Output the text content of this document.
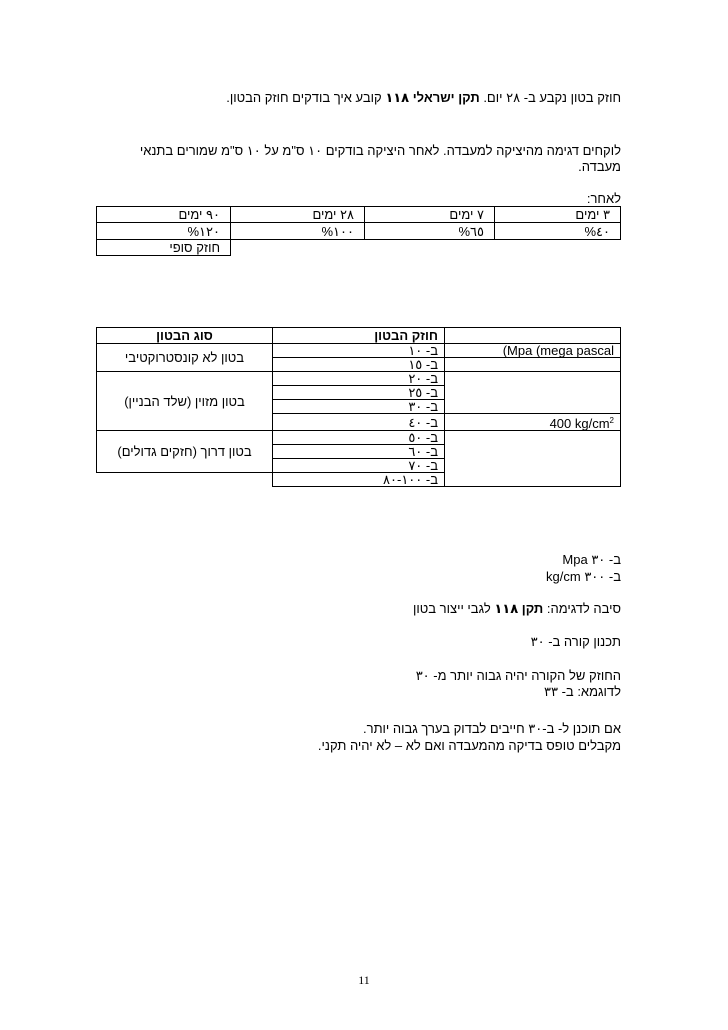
חוזק בטון נקבע ב- ٢٨ יום. תקן ישראלי ١١٨ קובע איך בודקים חוזק הבטון.
לוקחים דגימה מהיציקה למעבדה. לאחר היציקה בודקים ١٠ ס"מ על ١٠ ס"מ שמורים בתנאי
מעבדה.
לאחר:
٣ ימים	٧ ימים	٢٨ ימים	٩٠ ימים
٤٠%	٦٥%	١٠٠%	١٢٠%
			חוזק סופי
	חוזק הבטון	סוג הבטון
(Mpa (mega pascal	ב- ١٠	בטון לא קונסטרוקטיבי
	ב- ١٥	
	ב- ٢٠	בטון מזוין (שלד הבניין)
	ב- ٢٥	
	ב- ٣٠	
400 $kg/cm^2$	ב- ٤٠	
	ב- ٥٠	בטון דרוך (חזקים גדולים)
	ב- ٦٠	
	ב- ٧٠	
	ב- ١٠٠-٨٠	
ב- ٣٠ Mpa
ב- ٣٠٠ kg/cm
סיבה לדגימה: תקן ١١٨ לגבי ייצור בטון
תכנון קורה ב- ٣٠
החוזק של הקורה יהיה גבוה יותר מ- ٣٠
לדוגמא: ב- ٣٣
אם תוכנן ל- ב-٣٠ חייבים לבדוק בערך גבוה יותר.
מקבלים טופס בדיקה מהמעבדה ואם לא – לא יהיה תקני.
11
